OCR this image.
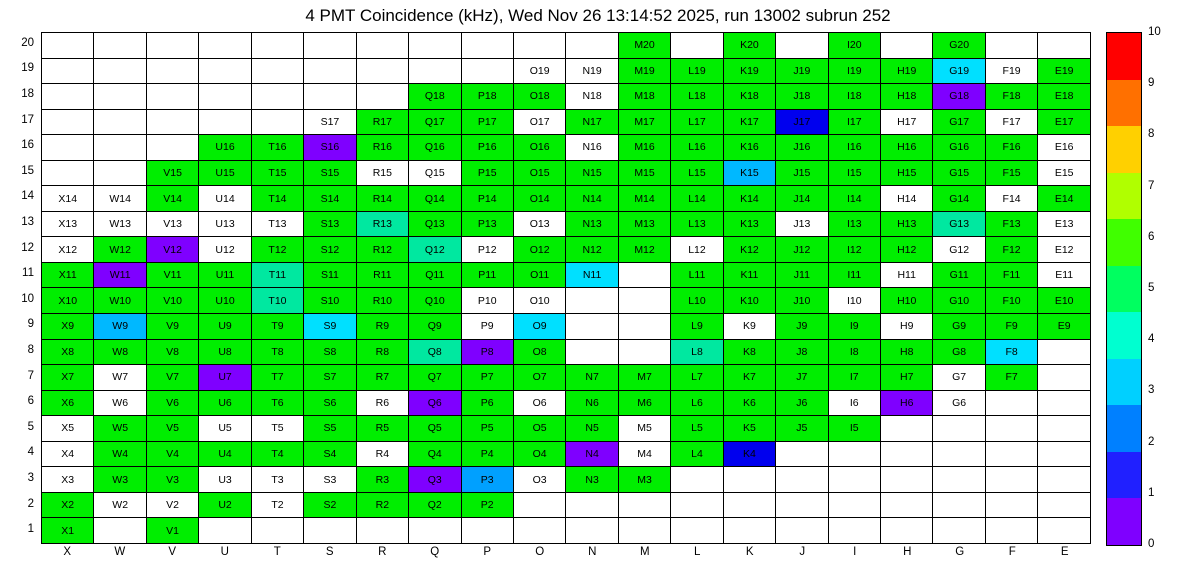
4 PMT Coincidence (kHz), Wed Nov 26 13:14:52 2025, run 13002 subrun 252
											M20		K20		I20		G20		
									O19	N19	M19	L19	K19	J19	I19	H19	G19	F19	E19
							Q18	P18	O18	N18	M18	L18	K18	J18	I18	H18	G18	F18	E18
					S17	R17	Q17	P17	O17	N17	M17	L17	K17	J17	I17	H17	G17	F17	E17
			U16	T16	S16	R16	Q16	P16	O16	N16	M16	L16	K16	J16	I16	H16	G16	F16	E16
		V15	U15	T15	S15	R15	Q15	P15	O15	N15	M15	L15	K15	J15	I15	H15	G15	F15	E15
X14	W14	V14	U14	T14	S14	R14	Q14	P14	O14	N14	M14	L14	K14	J14	I14	H14	G14	F14	E14
X13	W13	V13	U13	T13	S13	R13	Q13	P13	O13	N13	M13	L13	K13	J13	I13	H13	G13	F13	E13
X12	W12	V12	U12	T12	S12	R12	Q12	P12	O12	N12	M12	L12	K12	J12	I12	H12	G12	F12	E12
X11	W11	V11	U11	T11	S11	R11	Q11	P11	O11	N11		L11	K11	J11	I11	H11	G11	F11	E11
X10	W10	V10	U10	T10	S10	R10	Q10	P10	O10			L10	K10	J10	I10	H10	G10	F10	E10
X9	W9	V9	U9	T9	S9	R9	Q9	P9	O9			L9	K9	J9	I9	H9	G9	F9	E9
X8	W8	V8	U8	T8	S8	R8	Q8	P8	O8			L8	K8	J8	I8	H8	G8	F8	
X7	W7	V7	U7	T7	S7	R7	Q7	P7	O7	N7	M7	L7	K7	J7	I7	H7	G7	F7	
X6	W6	V6	U6	T6	S6	R6	Q6	P6	O6	N6	M6	L6	K6	J6	I6	H6	G6		
X5	W5	V5	U5	T5	S5	R5	Q5	P5	O5	N5	M5	L5	K5	J5	I5				
X4	W4	V4	U4	T4	S4	R4	Q4	P4	O4	N4	M4	L4	K4						
X3	W3	V3	U3	T3	S3	R3	Q3	P3	O3	N3	M3								
X2	W2	V2	U2	T2	S2	R2	Q2	P2											
X1		V1																	
20
19
18
17
16
15
14
13
12
11
10
9
8
7
6
5
4
3
2
1
X	W	V	U	T	S	R	Q	P	O	N	M	L	K	J	I	H	G	F	E
0
1
2
3
4
5
6
7
8
9
10
